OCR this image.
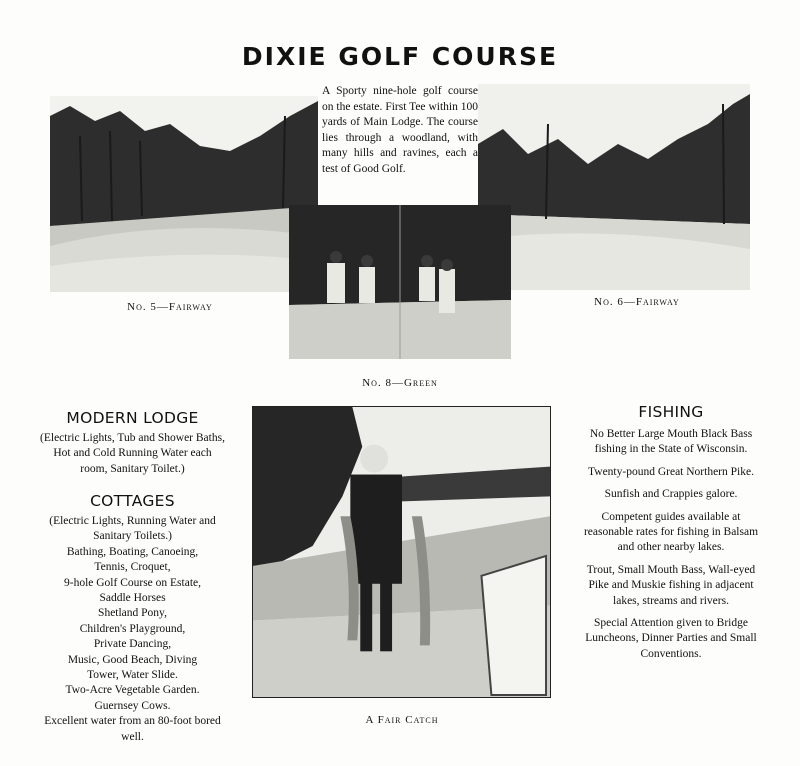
DIXIE GOLF COURSE
No. 5—Fairway
A Sporty nine-hole golf course on the estate. First Tee within 100 yards of Main Lodge. The course lies through a woodland, with many hills and ravines, each a test of Good Golf.
No. 6—Fairway
No. 8—Green
MODERN LODGE
(Electric Lights, Tub and Shower Baths, Hot and Cold Running Water each room, Sanitary Toilet.)
COTTAGES

(Electric Lights, Running Water and Sanitary Toilets.)

Bathing, Boating, Canoeing,

Tennis, Croquet,

9-hole Golf Course on Estate,

Saddle Horses

Shetland Pony,

Children's Playground,

Private Dancing,

Music, Good Beach, Diving

Tower, Water Slide.

Two-Acre Vegetable Garden.

Guernsey Cows.

Excellent water from an 80-foot bored well.

A Fair Catch
FISHING

No Better Large Mouth Black Bass fishing in the State of Wisconsin.

Twenty-pound Great Northern Pike.

Sunfish and Crappies galore.

Competent guides available at reasonable rates for fishing in Balsam and other nearby lakes.

Trout, Small Mouth Bass, Wall-eyed Pike and Muskie fishing in adjacent lakes, streams and rivers.

Special Attention given to Bridge Luncheons, Dinner Parties and Small Conventions.
